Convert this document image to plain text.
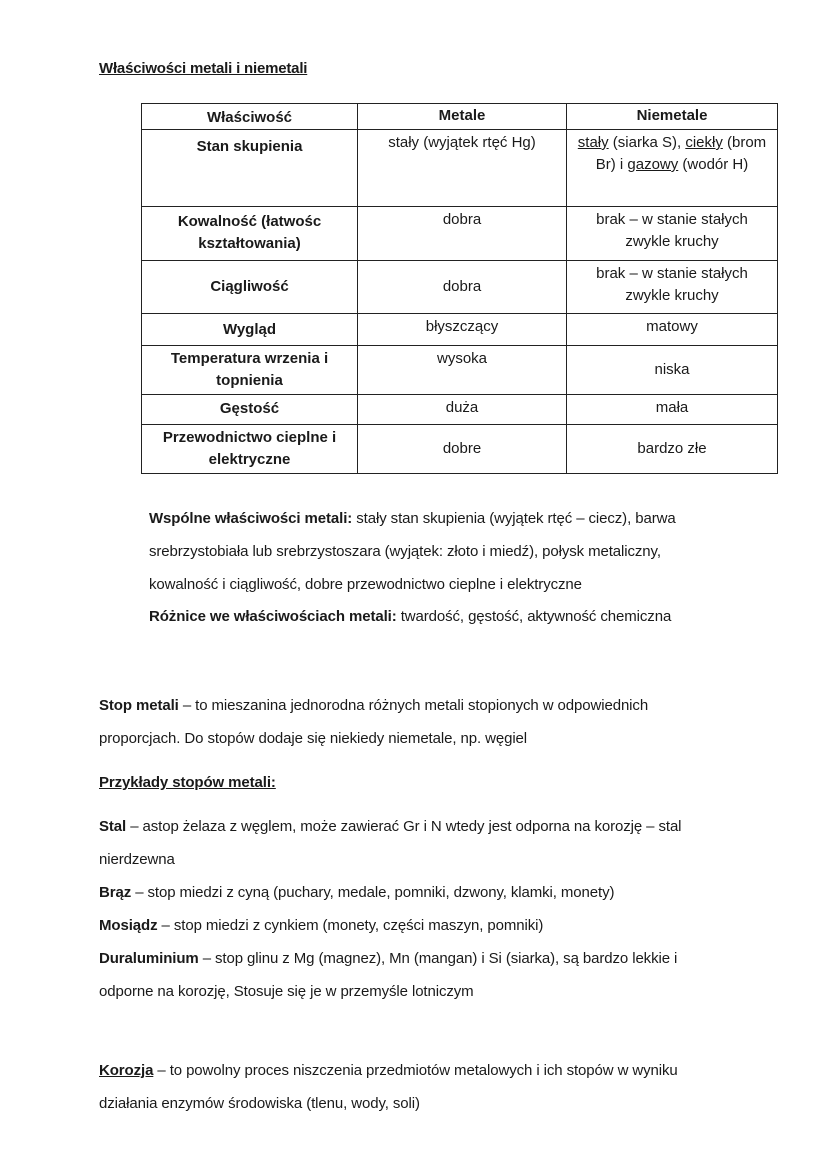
Właściwości metali i niemetali
Właściwość	Metale	Niemetale
Stan skupienia	stały (wyjątek rtęć Hg)	stały (siarka S), ciekły (brom Br) i gazowy (wodór H)
Kowalność (łatwośc kształtowania)	dobra	brak – w stanie stałych zwykle kruchy
Ciągliwość	dobra	brak – w stanie stałych zwykle kruchy
Wygląd	błyszczący	matowy
Temperatura wrzenia i topnienia	wysoka	niska
Gęstość	duża	mała
Przewodnictwo cieplne i elektryczne	dobre	bardzo złe
Wspólne właściwości metali: stały stan skupienia (wyjątek rtęć – ciecz), barwa
srebrzystobiała lub srebrzystoszara (wyjątek: złoto i miedź), połysk metaliczny,
kowalność i ciągliwość, dobre przewodnictwo cieplne i elektryczne
Różnice we właściwościach metali: twardość, gęstość, aktywność chemiczna
Stop metali – to mieszanina jednorodna różnych metali stopionych w odpowiednich
proporcjach. Do stopów dodaje się niekiedy niemetale, np. węgiel
Przykłady stopów metali:
Stal – astop żelaza z węglem, może zawierać Gr i N wtedy jest odporna na korozję – stal
nierdzewna
Brąz – stop miedzi z cyną (puchary, medale, pomniki, dzwony, klamki, monety)
Mosiądz – stop miedzi z cynkiem (monety, części maszyn, pomniki)
Duraluminium – stop glinu z Mg (magnez), Mn (mangan) i Si (siarka), są bardzo lekkie i
odporne na korozję, Stosuje się je w przemyśle lotniczym
Korozja – to powolny proces niszczenia przedmiotów metalowych i ich stopów w wyniku
działania enzymów środowiska (tlenu, wody, soli)
